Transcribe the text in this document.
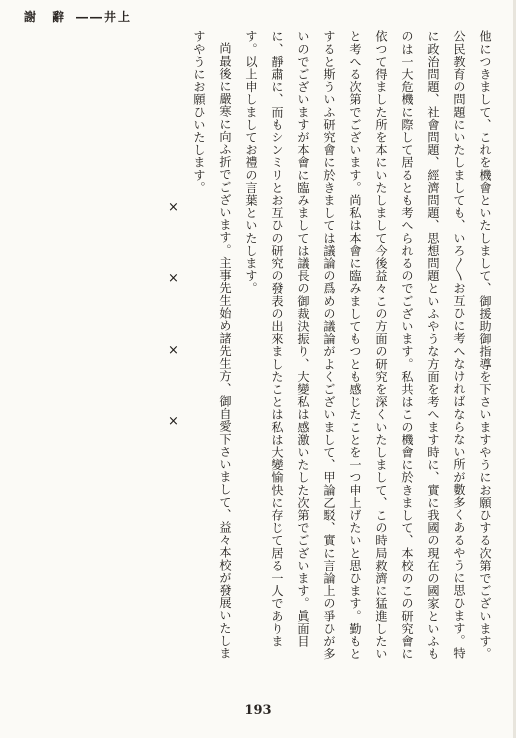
謝　辭 ――井上

他につきまして、これを機會といたしまして、御援助御指導を下さいますやうにお願ひする次第でございます。公民教育の問題にいたしましても、いろ〳〵お互ひに考へなければならない所が數多くあるやうに思ひます。特に政治問題、社會問題、經濟問題、思想問題といふやうな方面を考へます時に、實に我國の現在の國家といふものは一大危機に際して居るとも考へられるのでございます。私共はこの機會に於きまして、本校のこの研究會に依つて得ました所を本にいたしまして今後益々この方面の研究を深くいたしまして、この時局救濟に猛進したいと考へる次第でございます。尚私は本會に臨みましてもつとも感じたことを一つ申上げたいと思ひます。勤もとすると斯ういふ研究會に於きましては議論の爲めの議論がよくございまして、甲論乙駁、實に言論上の爭ひが多いのでございますが本會に臨みましては議長の御裁決振り、大變私は感激いたした次第でございます。眞面目に、靜肅に、而もシンミリとお互ひの研究の發表の出來ましたことは私は大變愉快に存じて居る一人であります。以上申しましてお禮の言葉といたします。

尚最後に嚴寒に向ふ折でございます。主事先生始め諸先生方、御自愛下さいまして、益々本校が發展いたしますやうにお願ひいたします。

×
×
×
×
193
